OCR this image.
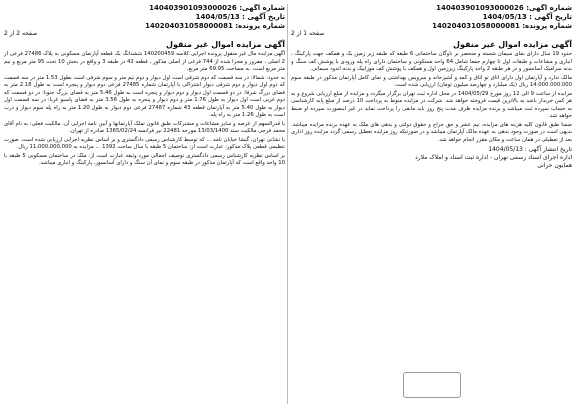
شماره آگهی: 140403901093000026
تاریخ آگهی : 1404/05/13
شماره پرونده: 140204031058000081
صفحه 2 از 2
آگهی مزایده اموال غیر منقول

آگهی مزایده مال غیر منقول پرونده اجرایی کلاسه 140200459 ششدانگ یک قطعه آپارتمان مسکونی به پلاک 27486 فرعی از 2 اصلی ، مفروز و مجزا شده از 744 فرعی از اصلی مذکور ، قطعه 42 در طبقه 3 و واقع در بخش 10 تحت 95 متر مربع و نیم متر مربع است. به مساحت 69.95 متر مربع.

به حدود: شمالا: در سه قسمت که دوم شرقی است اول دیوار و دوم نیم متر و سوم شرقی است بطول 1.53 متر در سه قسمت که دوم اول دیوار و دوم شرقی دیوار اشتراکی با آپارتمان شماره 27485 فرعی دوم دیوار و پنجره است به طول 2.18 متر به فضای بزرگ شرقا: در دو قسمت اول دیوار و دوم دیوار و پنجره است به طول 5.46 متر به فضای بزرگ جنوبا: در دو قسمت که دوم غربی است اول دیوار به طول 1.76 متر و دوم دیوار و پنجره به طول 3.56 متر به فضای پاسیو غربا: در سه قسمت اول دیوار به طول 5.40 متر به آپارتمان قطعه 43 شماره 27487 فرعی دوم دیوار به طول 1.20 متر به راه پله سوم دیوار و درب است به طول 1.26 متر به راه پله.

با قدرالسهم از عرصه و سایر مشاعات و مشترکات طبق قانون تملک آپارتمانها و آیین نامه اجرایی آن. مالکیت فعلی: به نام آقای محمد فرجی مالکیت سند 13/03/1400 مورخه 22481 نیر فرانسه 1365/02/24 صادره از تهران.

با نشانی تهران، گیشا خیابان نامه ... که توسط کارشناس رسمی دادگستری و بر اساس نظریه اجرایی ارزیابی شده است. صورت تنظیمی قطعی پلاک مذکور: عبارت است از: ساختمان 5 طبقه با سال ساخت 1392 ... مزایده به 11،000،000،000 ریال.

بر اساس نظریه کارشناس رسمی دادگستری توصیف اجمالی مورد وثیقه عبارت است از: ملک در ساختمان مسکونی 5 طبقه با 10 واحد واقع است که آپارتمان مذکور در طبقه سوم و نمای آن سنگ و دارای آسانسور، پارکینگ و انباری میباشد.

شماره آگهی: 140403901093000026
تاریخ آگهی : 1404/05/13
شماره پرونده: 140204031058000081
صفحه 1 از 2
آگهی مزایده اموال غیر منقول

حدود 19 سال دارای نمای سیمان شسته و منحصر بر ناوگان ساختمانی 6 طبقه که طبقه زیر زمین یک و همکف جهت پارکینگ ، انباری و مشاعات و طبقات اول تا چهارم جمعا شامل 64 واحد مسکونی و ساختمان دارای راه پله ورودی با پوشش کف سنگ و بدنه سرامیک آسانسور و در هر طبقه 2 واحد پارکینگ زیرزمین اول و همکف با پوشش کف موزاییک و بدنه اندود سیمانی.

مالک ندارد و آپارتمان اول دارای اتاق تو اتاق و کمد و آشپزخانه و سرویس بهداشتی و نمای کامل آپارتمان مذکور در طبقه سوم 14.000.000.000 ریال (یک میلیارد و چهارصد میلیون تومان) ارزیابی شده است.

مزایده از ساعت 9 الی 12 روز مورخ 1404/05/29 در محل اداره ثبت تهران برگزار میگردد و مزایده از مبلغ ارزیابی شروع و به هر کس خریدار باشد به بالاترین قیمت فروخته خواهد شد. شرکت در مزایده منوط به پرداخت 10 درصد از مبلغ پایه کارشناسی به حساب سپرده ثبت میباشد و برنده مزایده ظرف مدت پنج روز باید مابقی را پرداخت نماید در غیر اینصورت سپرده او ضبط خواهد شد.

ضمنا طبق قانون کلیه هزینه های مزایده، نیم عشر و حق حراج و حقوق دولتی و بدهی های ملک به عهده برنده مزایده میباشد. بدیهی است در صورت وجود بدهی به عهده مالک آپارتمان میباشد و در صورتیکه روز مزایده تعطیل رسمی گردد مزایده روز اداری بعد از تعطیلی در همان ساعت و مکان مقرر انجام خواهد شد.

تاریخ انتشار آگهی : 1404/05/13
اداره اجرای اسناد رسمی تهران - اداره ثبت اسناد و املاک ملارد
همایون حرانی
